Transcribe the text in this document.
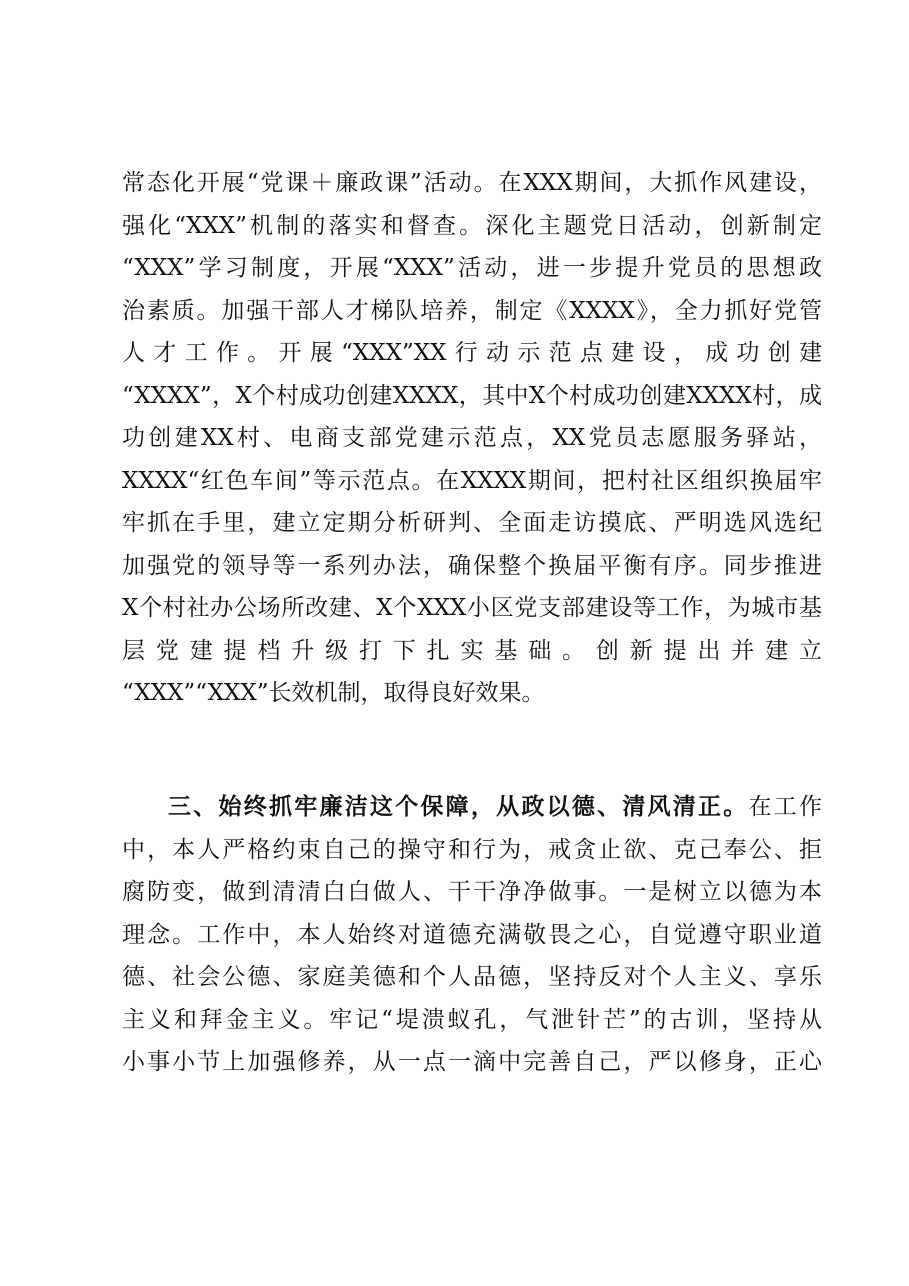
常态化开展“党课＋廉政课”活动。在XXX期间，大抓作风建设，
强化“XXX”机制的落实和督查。深化主题党日活动，创新制定
“XXX”学习制度，开展“XXX”活动，进一步提升党员的思想政
治素质。加强干部人才梯队培养，制定《XXXX》，全力抓好党管
人才工作。开展“XXX”XX行动示范点建设，成功创建
“XXXX”，X个村成功创建XXXX，其中X个村成功创建XXXX村，成
功创建XX村、电商支部党建示范点，XX党员志愿服务驿站，
XXXX“红色车间”等示范点。在XXXX期间，把村社区组织换届牢
牢抓在手里，建立定期分析研判、全面走访摸底、严明选风选纪
加强党的领导等一系列办法，确保整个换届平衡有序。同步推进
X个村社办公场所改建、X个XXX小区党支部建设等工作，为城市基
层党建提档升级打下扎实基础。创新提出并建立
“XXX”“XXX”长效机制，取得良好效果。
三、始终抓牢廉洁这个保障，从政以德、清风清正。在工作
中，本人严格约束自己的操守和行为，戒贪止欲、克己奉公、拒
腐防变，做到清清白白做人、干干净净做事。一是树立以德为本
理念。工作中，本人始终对道德充满敬畏之心，自觉遵守职业道
德、社会公德、家庭美德和个人品德，坚持反对个人主义、享乐
主义和拜金主义。牢记“堤溃蚁孔，气泄针芒”的古训，坚持从
小事小节上加强修养，从一点一滴中完善自己，严以修身，正心
